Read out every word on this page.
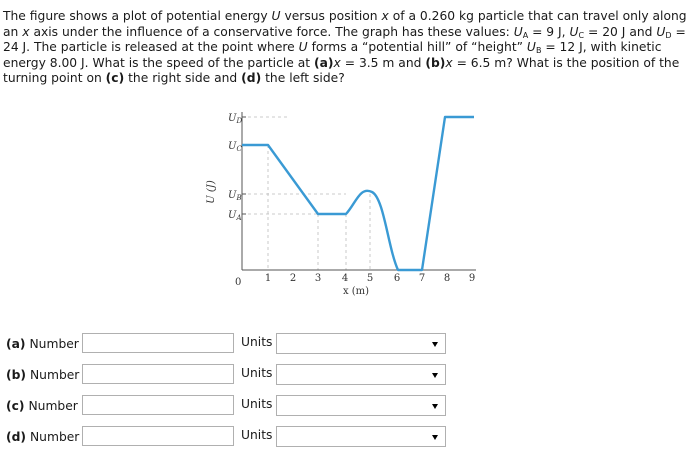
The figure shows a plot of potential energy U versus position x of a 0.260 kg particle that can travel only along an x axis under the influence of a conservative force. The graph has these values: $U_A = 9$ J, $U_C = 20$ J and $U_D = 24$ J. The particle is released at the point where U forms a “potential hill” of “height” $U_B = 12$ J, with kinetic energy 8.00 J. What is the speed of the particle at (a)x = 3.5 m and (b)x = 6.5 m? What is the position of the turning point on (c) the right side and (d) the left side?

$U_D$
$U_C$
$U_B$
$U_A$
U (J)
0 1 2 3 4 5 6 7 8 9
x (m)
(a) Number	Units
(b) Number	Units
(c) Number	Units
(d) Number	Units
